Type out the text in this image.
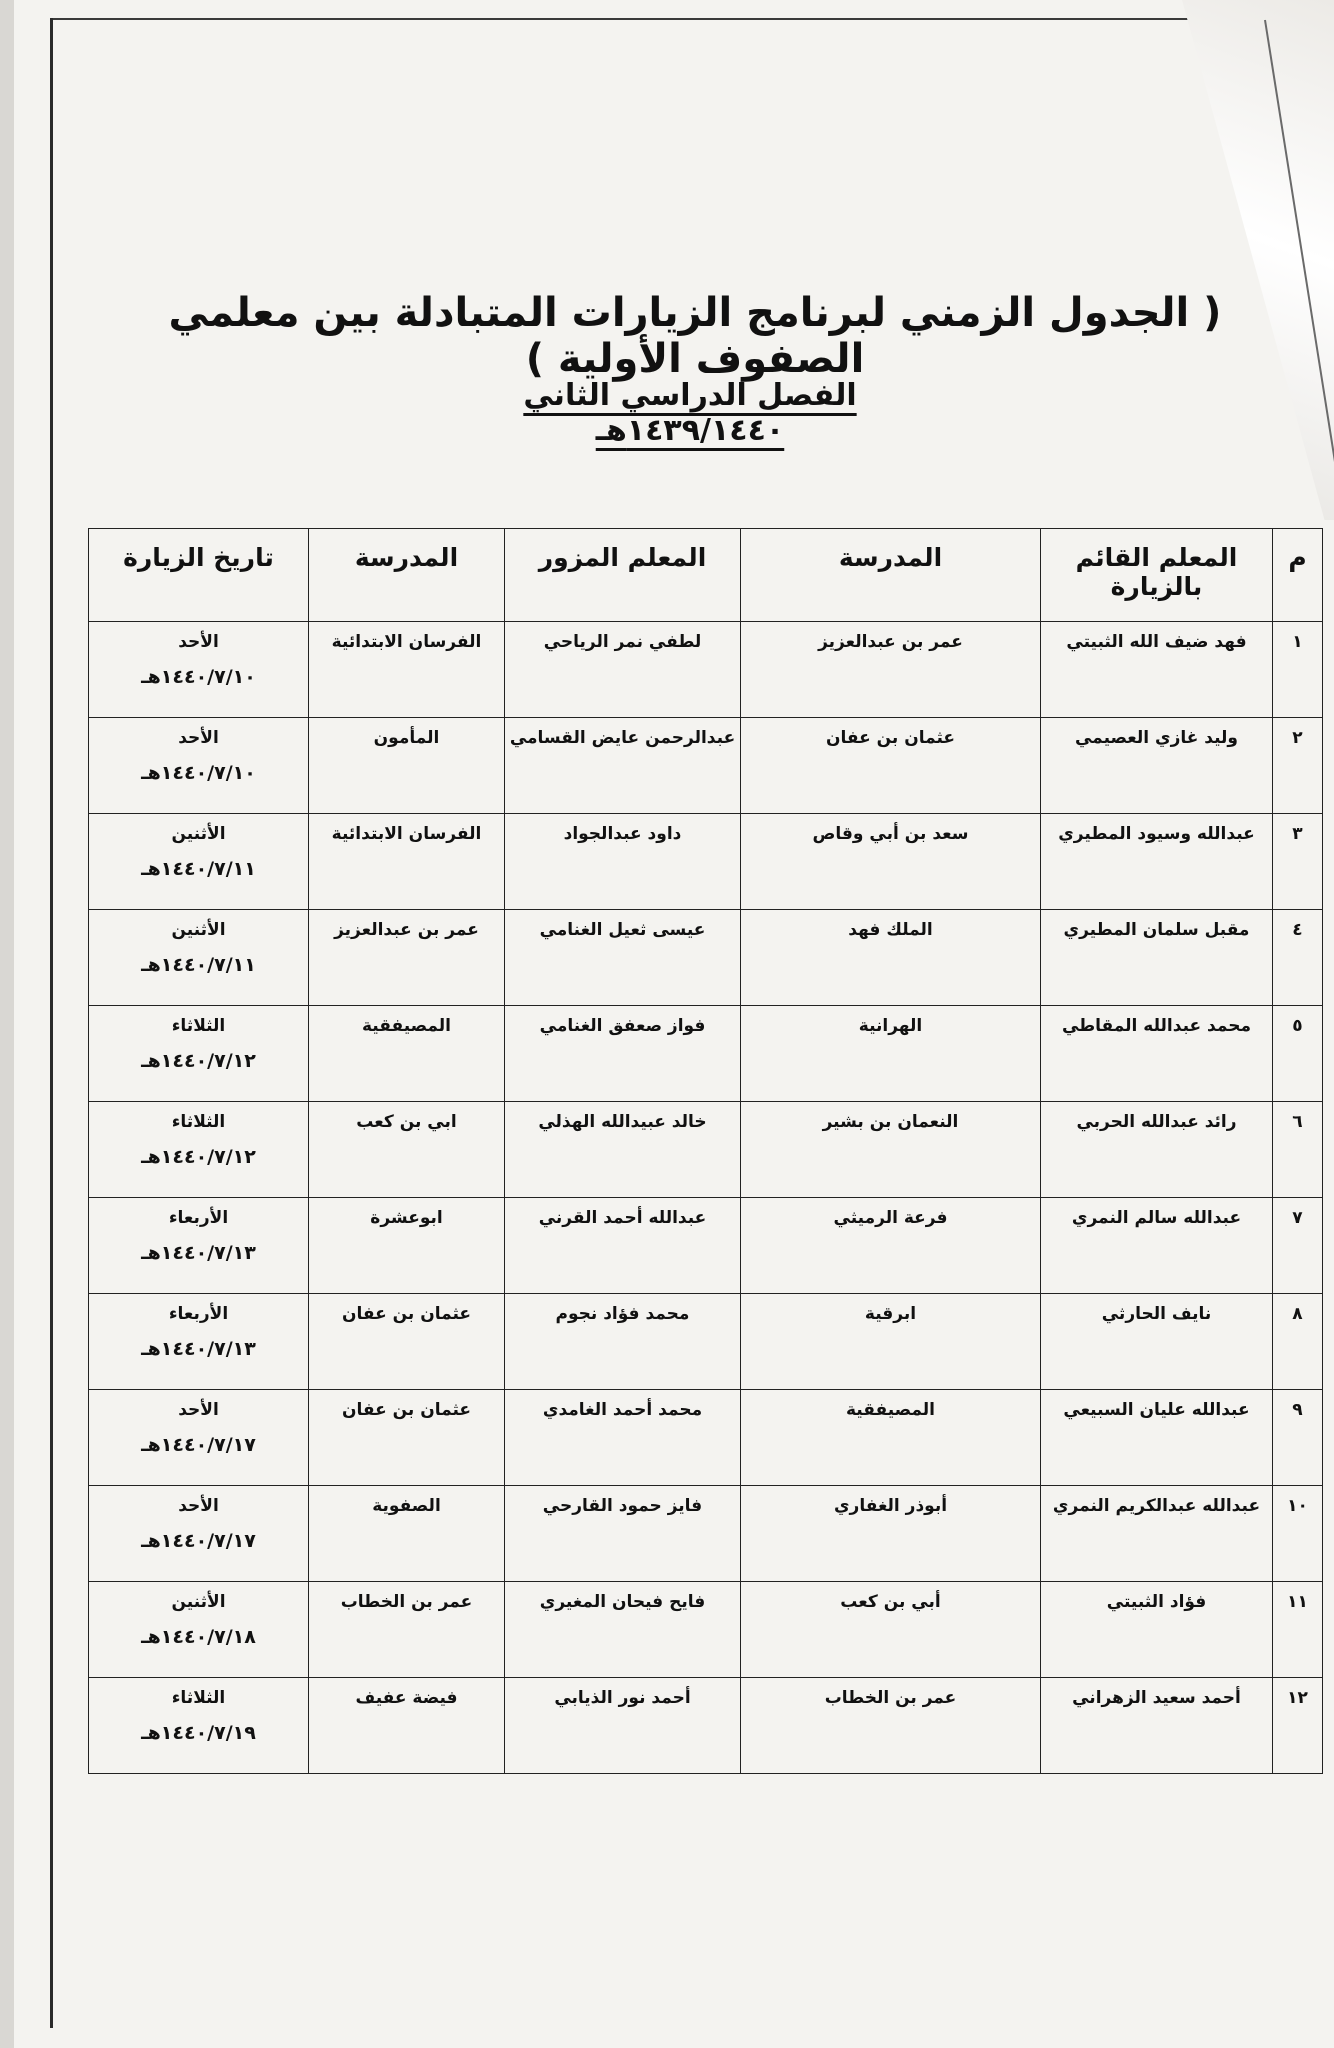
( الجدول الزمني لبرنامج الزيارات المتبادلة بين معلمي الصفوف الأولية )
الفصل الدراسي الثاني ١٤٣٩/١٤٤٠هـ
م	المعلم القائم بالزيارة	المدرسة	المعلم المزور	المدرسة	تاريخ الزيارة
١	فهد ضيف الله الثبيتي	عمر بن عبدالعزيز	لطفي نمر الرياحي	الفرسان الابتدائية	الأحد
١٤٤٠/٧/١٠هـ

٢	وليد غازي العصيمي	عثمان بن عفان	عبدالرحمن عايض القسامي	المأمون	الأحد
١٤٤٠/٧/١٠هـ

٣	عبدالله وسيود المطيري	سعد بن أبي وقاص	داود عبدالجواد	الفرسان الابتدائية	الأثنين
١٤٤٠/٧/١١هـ

٤	مقبل سلمان المطيري	الملك فهد	عيسى ثعيل الغنامي	عمر بن عبدالعزيز	الأثنين
١٤٤٠/٧/١١هـ

٥	محمد عبدالله المقاطي	الهرانية	فواز صعفق الغنامي	المصيفقية	الثلاثاء
١٤٤٠/٧/١٢هـ

٦	رائد عبدالله الحربي	النعمان بن بشير	خالد عبيدالله الهذلي	ابي بن كعب	الثلاثاء
١٤٤٠/٧/١٢هـ

٧	عبدالله سالم النمري	فرعة الرميثي	عبدالله أحمد القرني	ابوعشرة	الأربعاء
١٤٤٠/٧/١٣هـ

٨	نايف الحارثي	ابرقية	محمد فؤاد نجوم	عثمان بن عفان	الأربعاء
١٤٤٠/٧/١٣هـ

٩	عبدالله عليان السبيعي	المصيفقية	محمد أحمد الغامدي	عثمان بن عفان	الأحد
١٤٤٠/٧/١٧هـ

١٠	عبدالله عبدالكريم النمري	أبوذر الغفاري	فايز حمود القارحي	الصفوية	الأحد
١٤٤٠/٧/١٧هـ

١١	فؤاد الثبيتي	أبي بن كعب	فايح فيحان المغيري	عمر بن الخطاب	الأثنين
١٤٤٠/٧/١٨هـ

١٢	أحمد سعيد الزهراني	عمر بن الخطاب	أحمد نور الذيابي	فيضة عفيف	الثلاثاء
١٤٤٠/٧/١٩هـ
